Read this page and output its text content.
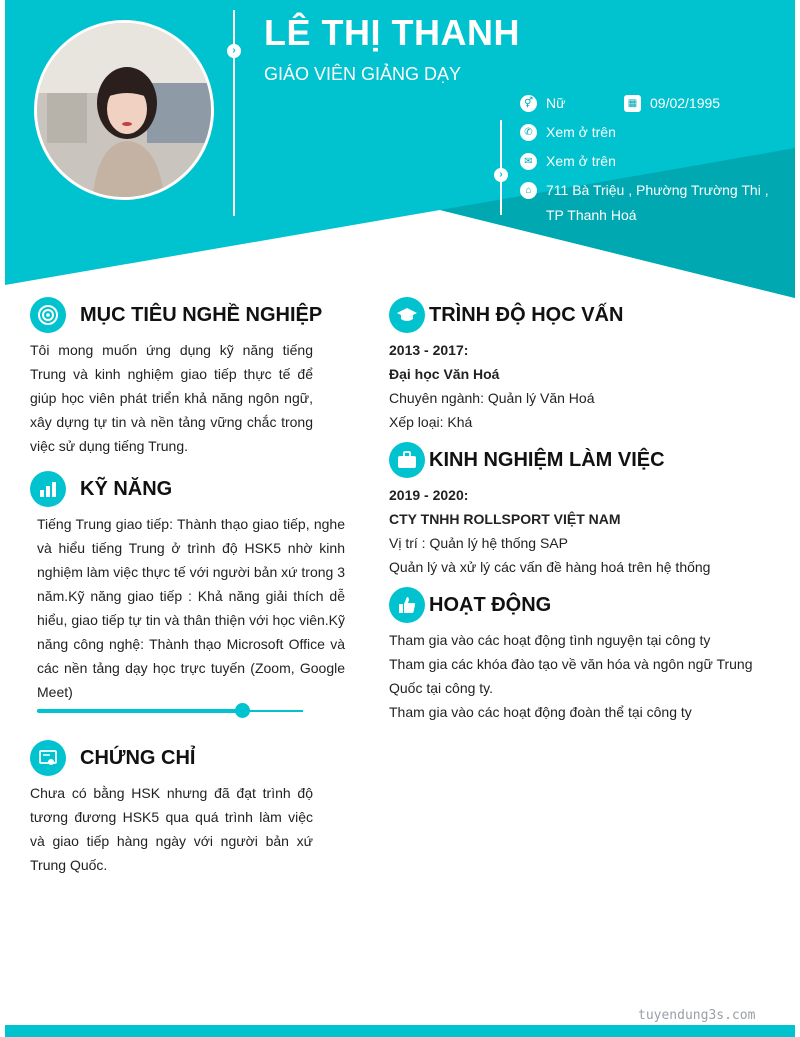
›
›
LÊ THỊ THANH
GIÁO VIÊN GIẢNG DẠY
⚥ Nữ	▦ 09/02/1995
✆ Xem ở trên
✉ Xem ở trên
⌂	711 Bà Triệu , Phường Trường Thi ,
TP Thanh Hoá
MỤC TIÊU NGHỀ NGHIỆP
Tôi mong muốn ứng dụng kỹ năng tiếng Trung và kinh nghiệm giao tiếp thực tế để giúp học viên phát triển khả năng ngôn ngữ, xây dựng tự tin và nền tảng vững chắc trong việc sử dụng tiếng Trung.
KỸ NĂNG
Tiếng Trung giao tiếp: Thành thạo giao tiếp, nghe và hiểu tiếng Trung ở trình độ HSK5 nhờ kinh nghiệm làm việc thực tế với người bản xứ trong 3 năm.Kỹ năng giao tiếp : Khả năng giải thích dễ hiểu, giao tiếp tự tin và thân thiện với học viên.Kỹ năng công nghệ: Thành thạo Microsoft Office và các nền tảng dạy học trực tuyến (Zoom, Google Meet)
CHỨNG CHỈ
Chưa có bằng HSK nhưng đã đạt trình độ tương đương HSK5 qua quá trình làm việc và giao tiếp hàng ngày với người bản xứ Trung Quốc.
TRÌNH ĐỘ HỌC VẤN
2013 - 2017:
Đại học Văn Hoá
Chuyên ngành: Quản lý Văn Hoá
Xếp loại: Khá
KINH NGHIỆM LÀM VIỆC
2019 - 2020:
CTY TNHH ROLLSPORT VIỆT NAM
Vị trí : Quản lý hệ thống SAP
Quản lý và xử lý các vấn đề hàng hoá trên hệ thống
HOẠT ĐỘNG
Tham gia vào các hoạt động tình nguyện tại công ty
Tham gia các khóa đào tạo về văn hóa và ngôn ngữ Trung
Quốc tại công ty.
Tham gia vào các hoạt động đoàn thể tại công ty
tuyendung3s.com
